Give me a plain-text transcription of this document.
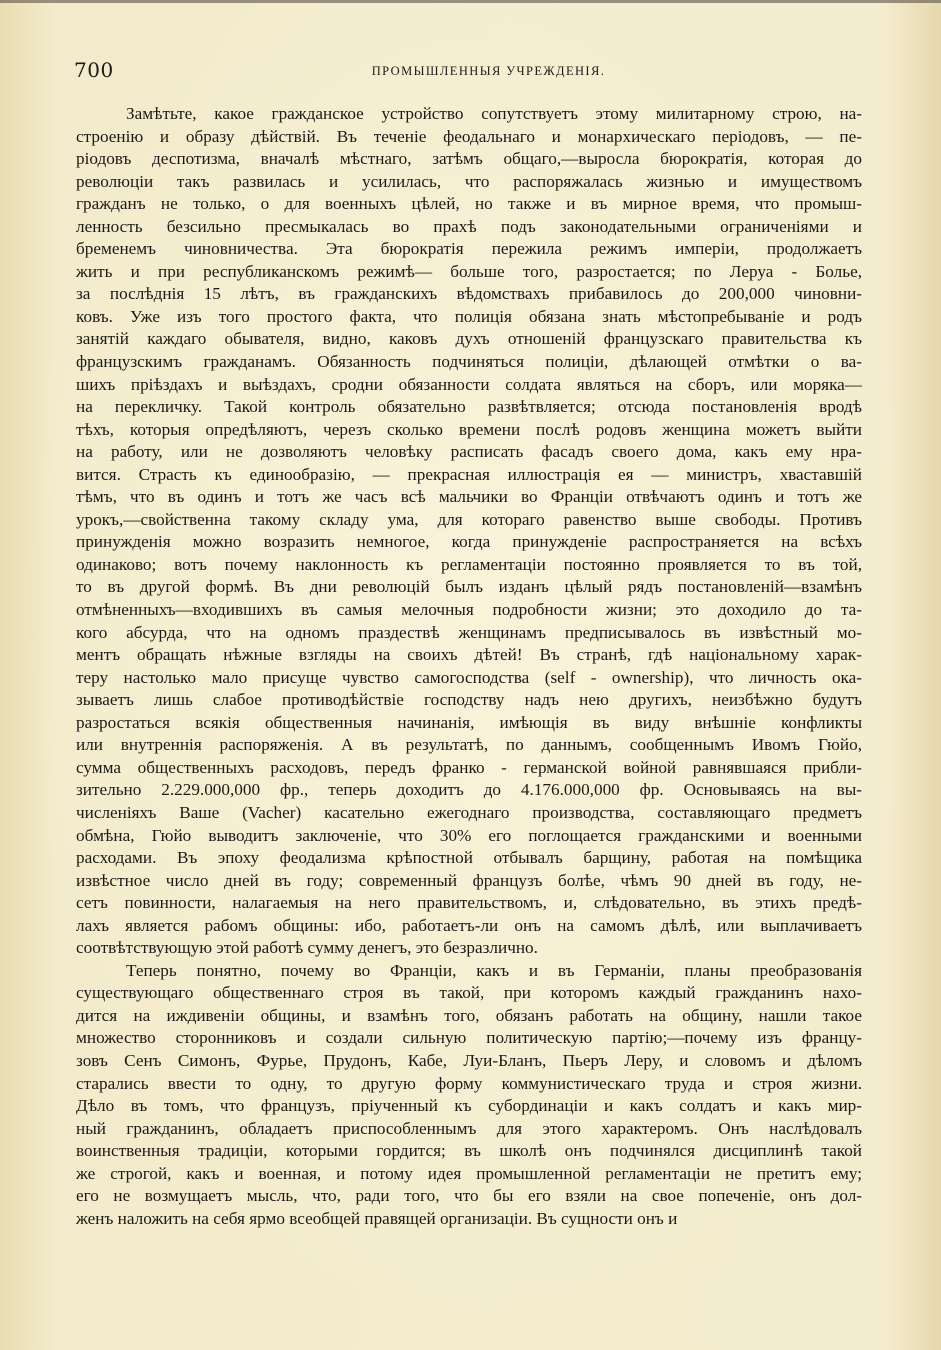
700	ПРОМЫШЛЕННЫЯ УЧРЕЖДЕНІЯ.
Замѣтьте, какое гражданское устройство сопутствуетъ этому милитарному строю, на-
строенію и образу дѣйствій. Въ теченіе феодальнаго и монархическаго періодовъ, — пе-
ріодовъ деспотизма, вначалѣ мѣстнаго, затѣмъ общаго,—выросла бюрократія, которая до
революціи такъ развилась и усилилась, что распоряжалась жизнью и имуществомъ
гражданъ не только, о для военныхъ цѣлей, но также и въ мирное время, что промыш-
ленность безсильно пресмыкалась во прахѣ подъ законодательными ограниченіями и
бременемъ чиновничества. Эта бюрократія пережила режимъ имперіи, продолжаетъ
жить и при республиканскомъ режимѣ— больше того, разростается; по Леруа - Болье,
за послѣднія 15 лѣтъ, въ гражданскихъ вѣдомствахъ прибавилось до 200,000 чиновни-
ковъ. Уже изъ того простого факта, что полиція обязана знать мѣстопребываніе и родъ
занятій каждаго обывателя, видно, каковъ духъ отношеній французскаго правительства къ
французскимъ гражданамъ. Обязанность подчиняться полиціи, дѣлающей отмѣтки о ва-
шихъ пріѣздахъ и выѣздахъ, сродни обязанности солдата являться на сборъ, или моряка—
на перекличку. Такой контроль обязательно развѣтвляется; отсюда постановленія вродѣ
тѣхъ, которыя опредѣляютъ, черезъ сколько времени послѣ родовъ женщина можетъ выйти
на работу, или не дозволяютъ человѣку расписать фасадъ своего дома, какъ ему нра-
вится. Страсть къ единообразію, — прекрасная иллюстрація ея — министръ, хваставшій
тѣмъ, что въ одинъ и тотъ же часъ всѣ мальчики во Франціи отвѣчаютъ одинъ и тотъ же
урокъ,—свойственна такому складу ума, для котораго равенство выше свободы. Противъ
принужденія можно возразить немногое, когда принужденіе распространяется на всѣхъ
одинаково; вотъ почему наклонность къ регламентаціи постоянно проявляется то въ той,
то въ другой формѣ. Въ дни революцій былъ изданъ цѣлый рядъ постановленій—взамѣнъ
отмѣненныхъ—входившихъ въ самыя мелочныя подробности жизни; это доходило до та-
кого абсурда, что на одномъ праздествѣ женщинамъ предписывалось въ извѣстный мо-
ментъ обращать нѣжные взгляды на своихъ дѣтей! Въ странѣ, гдѣ національному харак-
теру настолько мало присуще чувство самогосподства (self - ownership), что личность ока-
зываетъ лишь слабое противодѣйствіе господству надъ нею другихъ, неизбѣжно будутъ
разростаться всякія общественныя начинанія, имѣющія въ виду внѣшніе конфликты
или внутреннія распоряженія. А въ результатѣ, по даннымъ, сообщеннымъ Ивомъ Гюйо,
сумма общественныхъ расходовъ, передъ франко - германской войной равнявшаяся прибли-
зительно 2.229.000,000 фр., теперь доходитъ до 4.176.000,000 фр. Основываясь на вы-
численіяхъ Ваше (Vacher) касательно ежегоднаго производства, составляющаго предметъ
обмѣна, Гюйо выводитъ заключеніе, что 30% его поглощается гражданскими и военными
расходами. Въ эпоху феодализма крѣпостной отбывалъ барщину, работая на помѣщика
извѣстное число дней въ году; современный французъ болѣе, чѣмъ 90 дней въ году, не-
сетъ повинности, налагаемыя на него правительствомъ, и, слѣдовательно, въ этихъ предѣ-
лахъ является рабомъ общины: ибо, работаетъ-ли онъ на самомъ дѣлѣ, или выплачиваетъ
соотвѣтствующую этой работѣ сумму денегъ, это безразлично.
Теперь понятно, почему во Франціи, какъ и въ Германіи, планы преобразованія
существующаго общественнаго строя въ такой, при которомъ каждый гражданинъ нахо-
дится на иждивеніи общины, и взамѣнъ того, обязанъ работать на общину, нашли такое
множество сторонниковъ и создали сильную политическую партію;—почему изъ францу-
зовъ Сенъ Симонъ, Фурье, Прудонъ, Кабе, Луи-Бланъ, Пьеръ Леру, и словомъ и дѣломъ
старались ввести то одну, то другую форму коммунистическаго труда и строя жизни.
Дѣло въ томъ, что французъ, пріученный къ субординаціи и какъ солдатъ и какъ мир-
ный гражданинъ, обладаетъ приспособленнымъ для этого характеромъ. Онъ наслѣдовалъ
воинственныя традиціи, которыми гордится; въ школѣ онъ подчинялся дисциплинѣ такой
же строгой, какъ и военная, и потому идея промышленной регламентаціи не претитъ ему;
его не возмущаетъ мысль, что, ради того, что бы его взяли на свое попеченіе, онъ дол-
женъ наложить на себя ярмо всеобщей правящей организаціи. Въ сущности онъ и
